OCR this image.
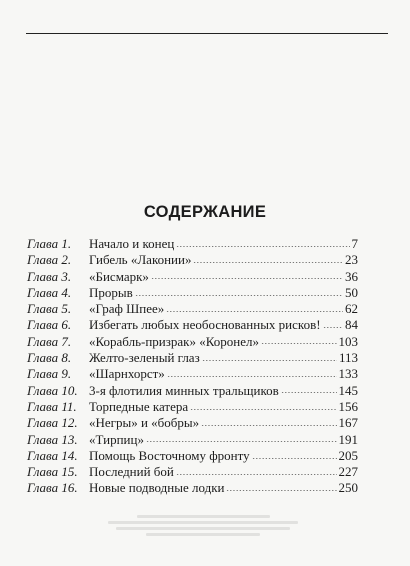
СОДЕРЖАНИЕ
Глава 1.	Начало и конец	7
Глава 2.	Гибель «Лаконии»	23
Глава 3.	«Бисмарк»	36
Глава 4.	Прорыв	50
Глава 5.	«Граф Шпее»	62
Глава 6.	Избегать любых необоснованных рисков! 84
Глава 7.	«Корабль-призрак» «Коронел»	103
Глава 8.	Желто-зеленый глаз	113
Глава 9.	«Шарнхорст»	133
Глава 10. 3-я флотилия минных тральщиков	145
Глава 11. Торпедные катера	156
Глава 12. «Негры» и «бобры»	167
Глава 13. «Тирпиц»	191
Глава 14. Помощь Восточному фронту	205
Глава 15. Последний бой	227
Глава 16. Новые подводные лодки	250
